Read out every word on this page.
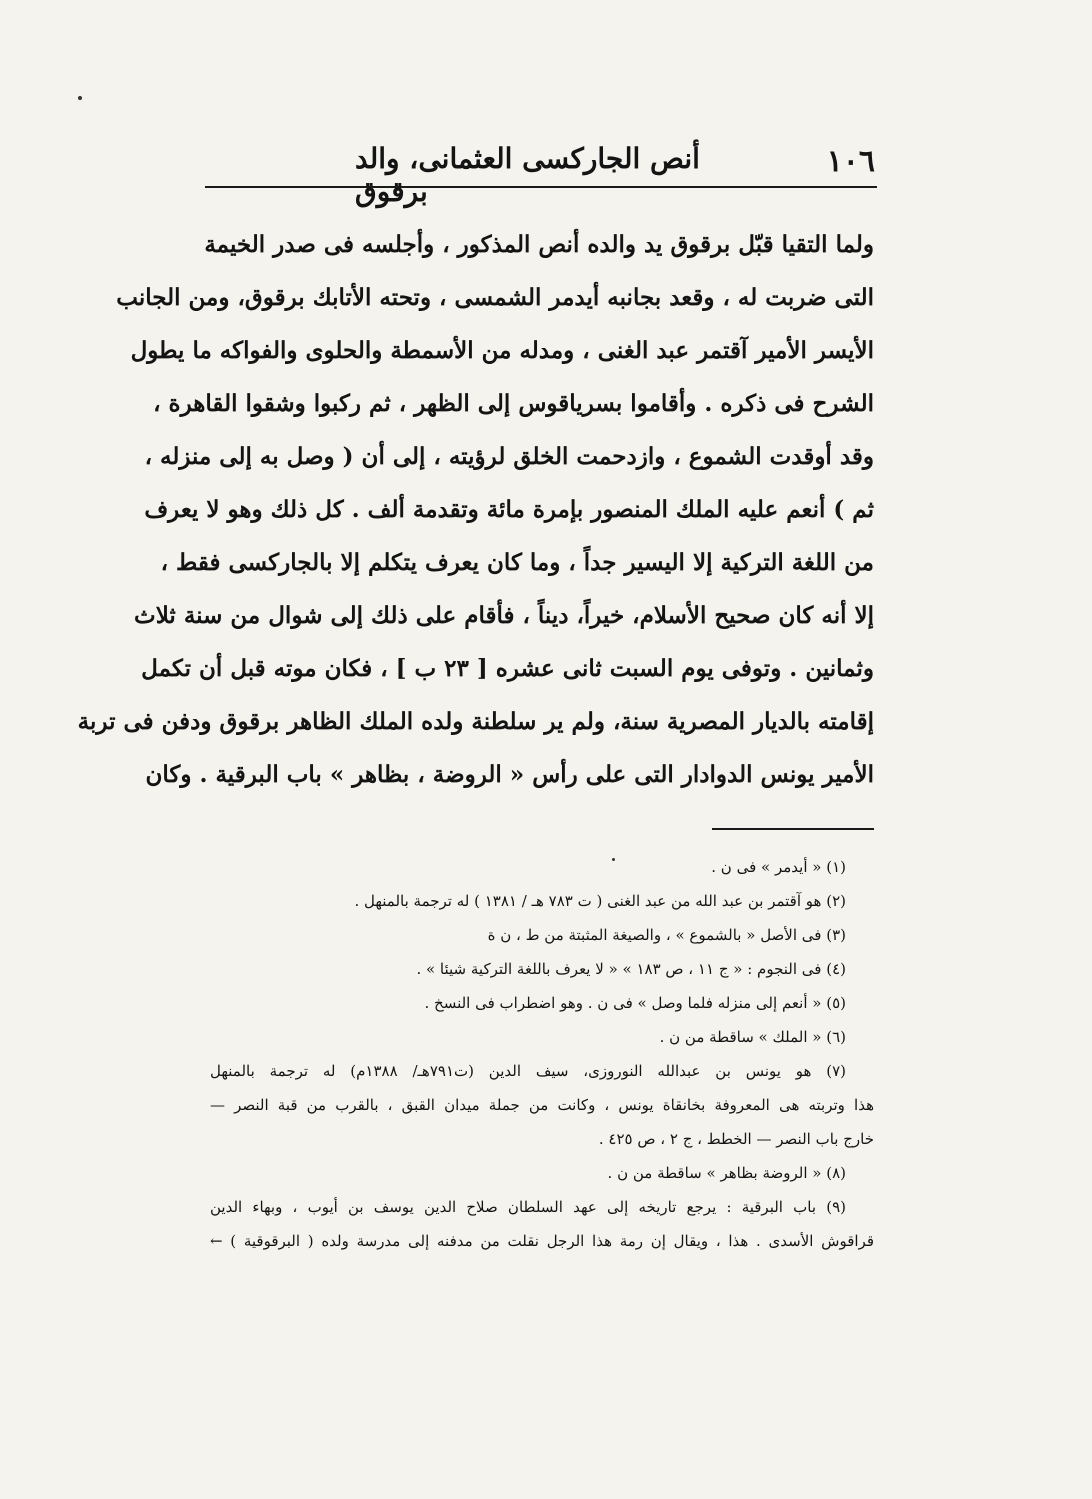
١٠٦
أنص الجاركسى العثمانى، والد برقوق
ولما التقيا قبّل برقوق يد والده أنص المذكور ، وأجلسه فى صدر الخيمة
التى ضربت له ، وقعد بجانبه أيدمر الشمسى ، وتحته الأتابك برقوق، ومن الجانب
الأيسر الأمير آقتمر عبد الغنى ، ومدله من الأسمطة والحلوى والفواكه ما يطول
الشرح فى ذكره . وأقاموا بسرياقوس إلى الظهر ، ثم ركبوا وشقوا القاهرة ،
وقد أوقدت الشموع ، وازدحمت الخلق لرؤيته ، إلى أن ( وصل به إلى منزله ،
ثم ) أنعم عليه الملك المنصور بإمرة مائة وتقدمة ألف . كل ذلك وهو لا يعرف
من اللغة التركية إلا اليسير جداً ، وما كان يعرف يتكلم إلا بالجاركسى فقط ،
إلا أنه كان صحيح الأسلام، خيراً، ديناً ، فأقام على ذلك إلى شوال من سنة ثلاث
وثمانين . وتوفى يوم السبت ثانى عشره [ ٢٣ ب ] ، فكان موته قبل أن تكمل
إقامته بالديار المصرية سنة، ولم ير سلطنة ولده الملك الظاهر برقوق ودفن فى تربة
الأمير يونس الدوادار التى على رأس « الروضة ، بظاهر » باب البرقية . وكان
(١) « أيدمر » فى ن .
(٢) هو آقتمر بن عبد الله من عبد الغنى ( ت ٧٨٣ هـ / ١٣٨١ ) له ترجمة بالمنهل .
(٣) فى الأصل « بالشموع » ، والصيغة المثبتة من ط ، ن ة
(٤) فى النجوم : « ج ١١ ، ص ١٨٣ » « لا يعرف باللغة التركية شيئا » .
(٥) « أنعم إلى منزله فلما وصل » فى ن . وهو اضطراب فى النسخ .
(٦) « الملك » ساقطة من ن .
(٧) هو يونس بن عبدالله النوروزى، سيف الدين (ت٧٩١هـ/ ١٣٨٨م) له ترجمة بالمنهل
هذا وتربته هى المعروفة بخانقاة يونس ، وكانت من جملة ميدان القبق ، بالقرب من قبة النصر —
خارج باب النصر — الخطط ، ج ٢ ، ص ٤٢٥ .
(٨) « الروضة بظاهر » ساقطة من ن .
(٩) باب البرقية : يرجع تاريخه إلى عهد السلطان صلاح الدين يوسف بن أيوب ، وبهاء الدين
قراقوش الأسدى . هذا ، ويقال إن رمة هذا الرجل نقلت من مدفنه إلى مدرسة ولده ( البرقوقية ) ←
